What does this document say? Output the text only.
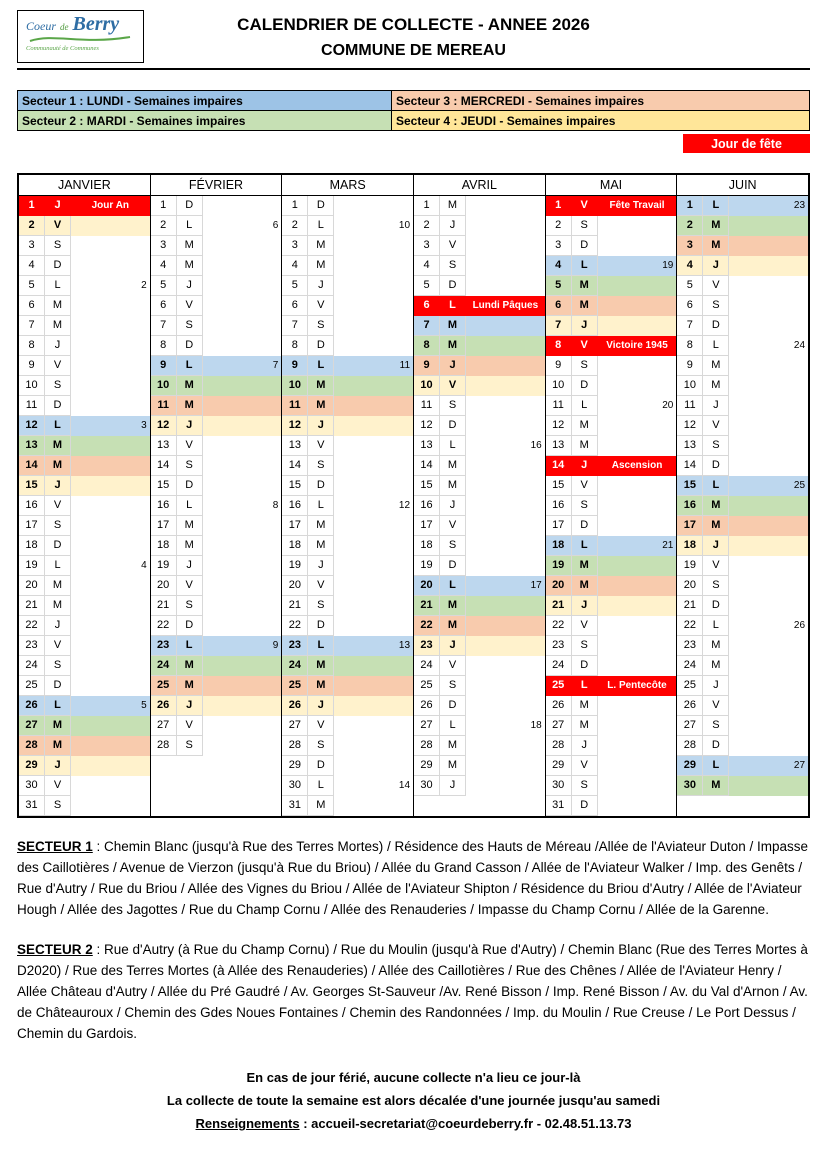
Coeur de Berry
Communauté de Communes
CALENDRIER DE COLLECTE - ANNEE 2026
COMMUNE DE MEREAU
Secteur 1 : LUNDI - Semaines impaires	Secteur 3 : MERCREDI - Semaines impaires
Secteur 2 : MARDI - Semaines impaires	Secteur 4 : JEUDI - Semaines impaires
Jour de fête
JANVIER
1	J	Jour An
2	V
3	S
4	D
5	L	2
6	M
7	M
8	J
9	V
10	S
11	D
12	L	3
13	M
14	M
15	J
16	V
17	S
18	D
19	L	4
20	M
21	M
22	J
23	V
24	S
25	D
26	L	5
27	M
28	M
29	J
30	V
31	S
FÉVRIER
1	D
2	L	6
3	M
4	M
5	J
6	V
7	S
8	D
9	L	7
10	M
11	M
12	J
13	V
14	S
15	D
16	L	8
17	M
18	M
19	J
20	V
21	S
22	D
23	L	9
24	M
25	M
26	J
27	V
28	S
MARS
1	D
2	L	10
3	M
4	M
5	J
6	V
7	S
8	D
9	L	11
10	M
11	M
12	J
13	V
14	S
15	D
16	L	12
17	M
18	M
19	J
20	V
21	S
22	D
23	L	13
24	M
25	M
26	J
27	V
28	S
29	D
30	L	14
31	M
AVRIL
1	M
2	J
3	V
4	S
5	D
6	L	Lundi Pâques
7	M
8	M
9	J
10	V
11	S
12	D
13	L	16
14	M
15	M
16	J
17	V
18	S
19	D
20	L	17
21	M
22	M
23	J
24	V
25	S
26	D
27	L	18
28	M
29	M
30	J
MAI
1	V	Fête Travail
2	S
3	D
4	L	19
5	M
6	M
7	J
8	V	Victoire 1945
9	S
10	D
11	L	20
12	M
13	M
14	J	Ascension
15	V
16	S
17	D
18	L	21
19	M
20	M
21	J
22	V
23	S
24	D
25	L	L. Pentecôte
26	M
27	M
28	J
29	V
30	S
31	D
JUIN
1	L	23
2	M
3	M
4	J
5	V
6	S
7	D
8	L	24
9	M
10	M
11	J
12	V
13	S
14	D
15	L	25
16	M
17	M
18	J
19	V
20	S
21	D
22	L	26
23	M
24	M
25	J
26	V
27	S
28	D
29	L	27
30	M

SECTEUR 1 : Chemin Blanc (jusqu'à Rue des Terres Mortes) / Résidence des Hauts de Méreau /Allée de l'Aviateur Duton / Impasse des Caillotières / Avenue de Vierzon (jusqu'à Rue du Briou) / Allée du Grand Casson / Allée de l'Aviateur Walker / Imp. des Genêts / Rue d'Autry / Rue du Briou / Allée des Vignes du Briou / Allée de l'Aviateur Shipton / Résidence du Briou d'Autry / Allée de l'Aviateur Hough / Allée des Jagottes / Rue du Champ Cornu / Allée des Renauderies / Impasse du Champ Cornu / Allée de la Garenne.

SECTEUR 2 : Rue d'Autry (à Rue du Champ Cornu) / Rue du Moulin (jusqu'à Rue d'Autry) / Chemin Blanc (Rue des Terres Mortes à D2020) / Rue des Terres Mortes (à Allée des Renauderies) / Allée des Caillotières / Rue des Chênes / Allée de l'Aviateur Henry / Allée Château d'Autry / Allée du Pré Gaudré / Av. Georges St-Sauveur /Av. René Bisson / Imp. René Bisson / Av. du Val d'Arnon / Av. de Châteauroux / Chemin des Gdes Noues Fontaines / Chemin des Randonnées / Imp. du Moulin / Rue Creuse / Le Port Dessus / Chemin du Gardois.

En cas de jour férié, aucune collecte n'a lieu ce jour-là
La collecte de toute la semaine est alors décalée d'une journée jusqu'au samedi
Renseignements : accueil-secretariat@coeurdeberry.fr - 02.48.51.13.73
